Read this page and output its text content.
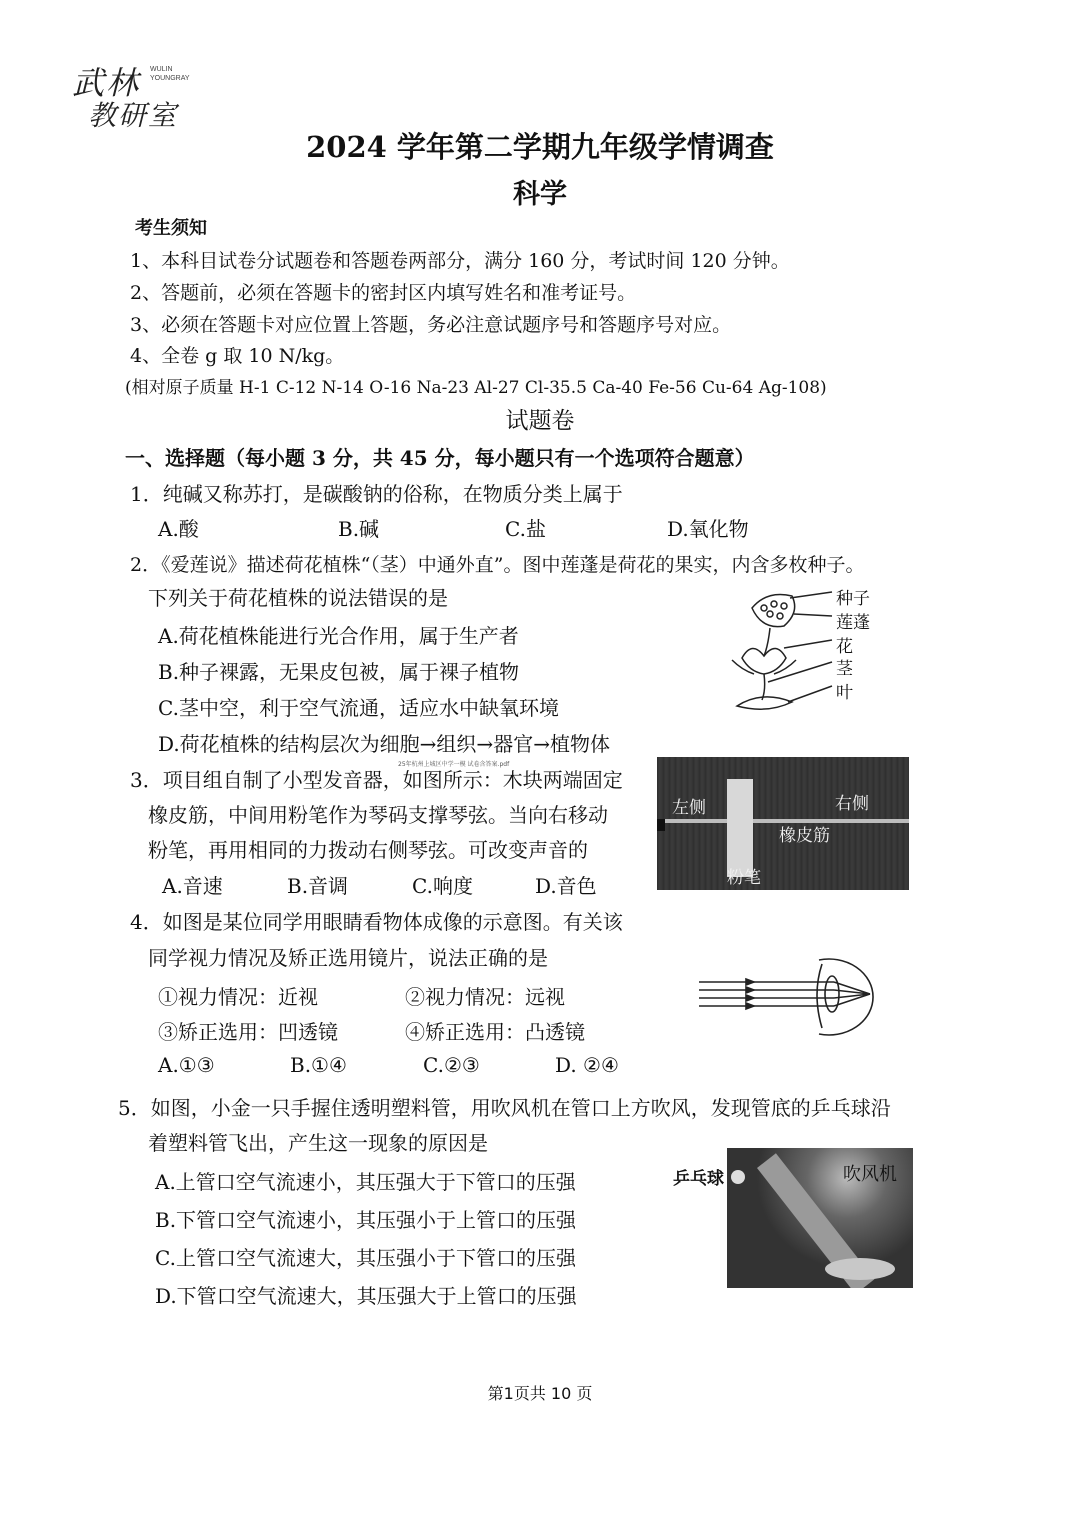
武林
教研室
WULIN
YOUNGRAY
2024 学年第二学期九年级学情调查
科学
考生须知
1、本科目试卷分试题卷和答题卷两部分，满分 160 分，考试时间 120 分钟。
2、答题前，必须在答题卡的密封区内填写姓名和准考证号。
3、必须在答题卡对应位置上答题，务必注意试题序号和答题序号对应。
4、全卷 g 取 10 N/kg。
(相对原子质量 H-1 C-12 N-14 O-16 Na-23 Al-27 Cl-35.5 Ca-40 Fe-56 Cu-64 Ag-108)
试题卷
一、选择题（每小题 3 分，共 45 分，每小题只有一个选项符合题意）
1．纯碱又称苏打，是碳酸钠的俗称，在物质分类上属于
A.酸	B.碱	C.盐	D.氧化物
2．《爱莲说》描述荷花植株“（茎）中通外直”。图中莲蓬是荷花的果实，内含多枚种子。
下列关于荷花植株的说法错误的是
A.荷花植株能进行光合作用，属于生产者
B.种子裸露，无果皮包被，属于裸子植物
C.茎中空，利于空气流通，适应水中缺氧环境
D.荷花植株的结构层次为细胞→组织→器官→植物体
种子
莲蓬
花
茎
叶
25年杭州上城区中学一模 试卷含答案.pdf
3．项目组自制了小型发音器，如图所示：木块两端固定
橡皮筋，中间用粉笔作为琴码支撑琴弦。当向右移动
粉笔，再用相同的力拨动右侧琴弦。可改变声音的
A.音速	B.音调	C.响度	D.音色
左侧	右侧
橡皮筋
粉笔
4．如图是某位同学用眼睛看物体成像的示意图。有关该
同学视力情况及矫正选用镜片，说法正确的是
①视力情况：近视	②视力情况：远视
③矫正选用：凹透镜	④矫正选用：凸透镜
A.①③	B.①④	C.②③	D. ②④
5．如图，小金一只手握住透明塑料管，用吹风机在管口上方吹风，发现管底的乒乓球沿
着塑料管飞出，产生这一现象的原因是
A.上管口空气流速小，其压强大于下管口的压强
B.下管口空气流速小，其压强小于上管口的压强
C.上管口空气流速大，其压强小于下管口的压强
D.下管口空气流速大，其压强大于上管口的压强
乒乓球	吹风机
第1页共 10 页
